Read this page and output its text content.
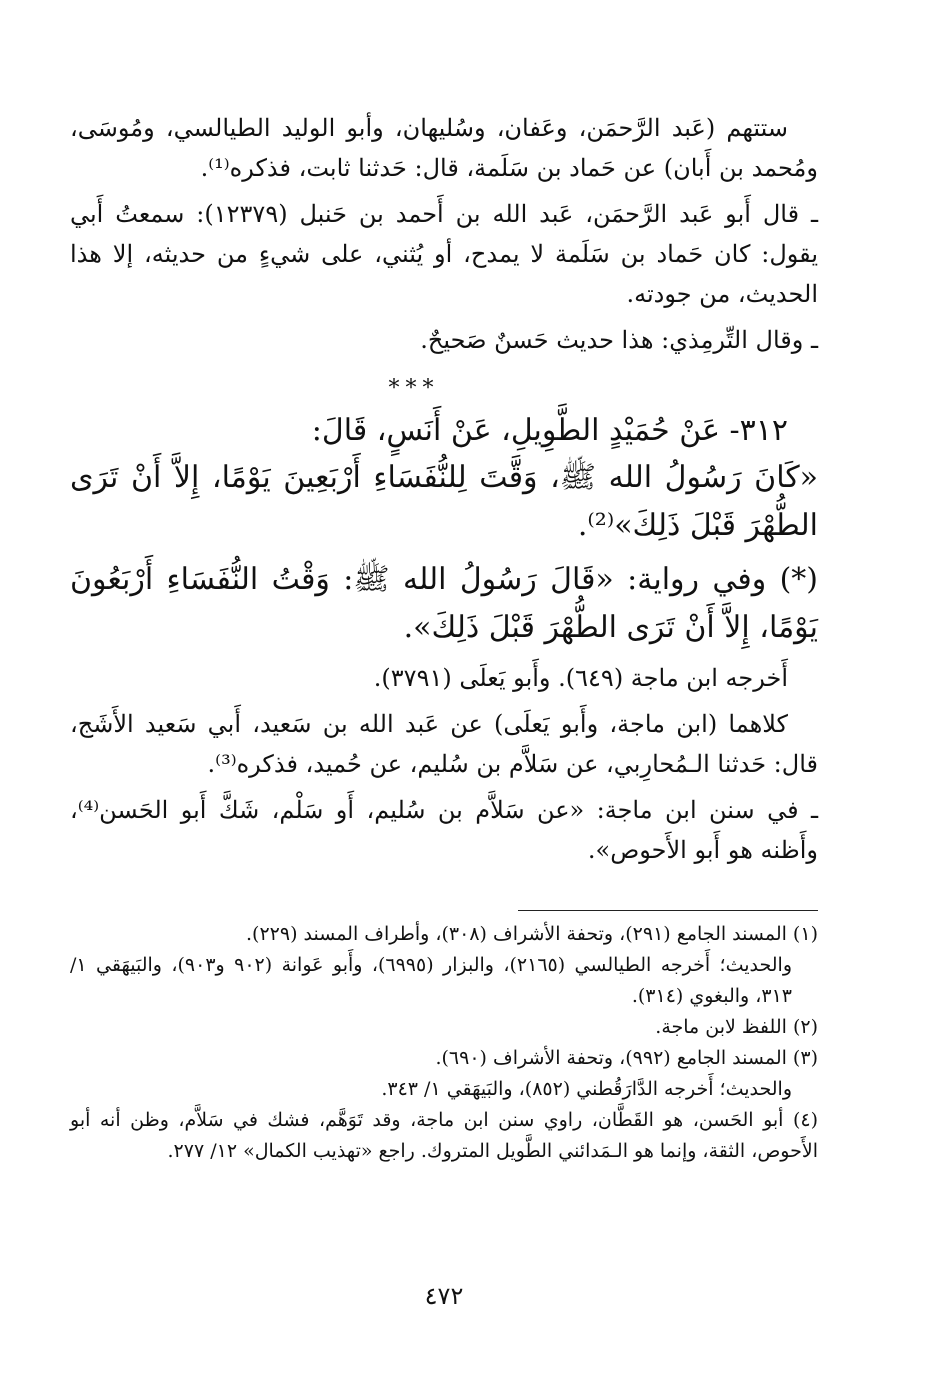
ستتهم (عَبد الرَّحمَن، وعَفان، وسُليهان، وأبو الوليد الطيالسي، ومُوسَى، ومُحمد بن أَبان) عن حَماد بن سَلَمة، قال: حَدثنا ثابت، فذكره⁽¹⁾.

ـ قال أَبو عَبد الرَّحمَن، عَبد الله بن أَحمد بن حَنبل (١٢٣٧٩): سمعتُ أَبي يقول: كان حَماد بن سَلَمة لا يمدح، أو يُثني، على شيءٍ من حديثه، إلا هذا الحديث، من جودته.

ـ وقال التِّرمِذي: هذا حديث حَسنٌ صَحيحٌ.

***

٣١٢- عَنْ حُمَيْدٍ الطَّوِيلِ، عَنْ أَنَسٍ، قَالَ:

«كَانَ رَسُولُ الله ﷺ، وَقَّتَ لِلنُّفَسَاءِ أَرْبَعِينَ يَوْمًا، إِلاَّ أَنْ تَرَى الطُّهْرَ قَبْلَ ذَلِكَ»⁽²⁾.

(*) وفي رواية: «قَالَ رَسُولُ الله ﷺ: وَقْتُ النُّفَسَاءِ أَرْبَعُونَ يَوْمًا، إِلاَّ أَنْ تَرَى الطُّهْرَ قَبْلَ ذَلِكَ».

أَخرجه ابن ماجة (٦٤٩). وأَبو يَعلَى (٣٧٩١).

كلاهما (ابن ماجة، وأَبو يَعلَى) عن عَبد الله بن سَعيد، أَبي سَعيد الأَشَج، قال: حَدثنا الـمُحارِبي، عن سَلاَّم بن سُليم، عن حُميد، فذكره⁽³⁾.

ـ في سنن ابن ماجة: «عن سَلاَّم بن سُليم، أَو سَلْم، شَكَّ أَبو الحَسن⁽⁴⁾، وأَظنه هو أَبو الأَحوص».

(١) المسند الجامع (٢٩١)، وتحفة الأشراف (٣٠٨)، وأطراف المسند (٢٢٩).

والحديث؛ أَخرجه الطيالسي (٢١٦٥)، والبزار (٦٩٩٥)، وأَبو عَوانة (٩٠٢ و٩٠٣)، والبَيهَقي ١/ ٣١٣، والبغوي (٣١٤).

(٢) اللفظ لابن ماجة.

(٣) المسند الجامع (٩٩٢)، وتحفة الأشراف (٦٩٠).

والحديث؛ أَخرجه الدَّارَقُطني (٨٥٢)، والبَيهَقي ١/ ٣٤٣.

(٤) أبو الحَسن، هو القَطَّان، راوي سنن ابن ماجة، وقد تَوَهَّم، فشك في سَلاَّم، وظن أنه أبو الأَحوص، الثقة، وإنما هو الـمَدائني الطَّويل المتروك. راجع «تهذيب الكمال» ١٢/ ٢٧٧.

٤٧٢
